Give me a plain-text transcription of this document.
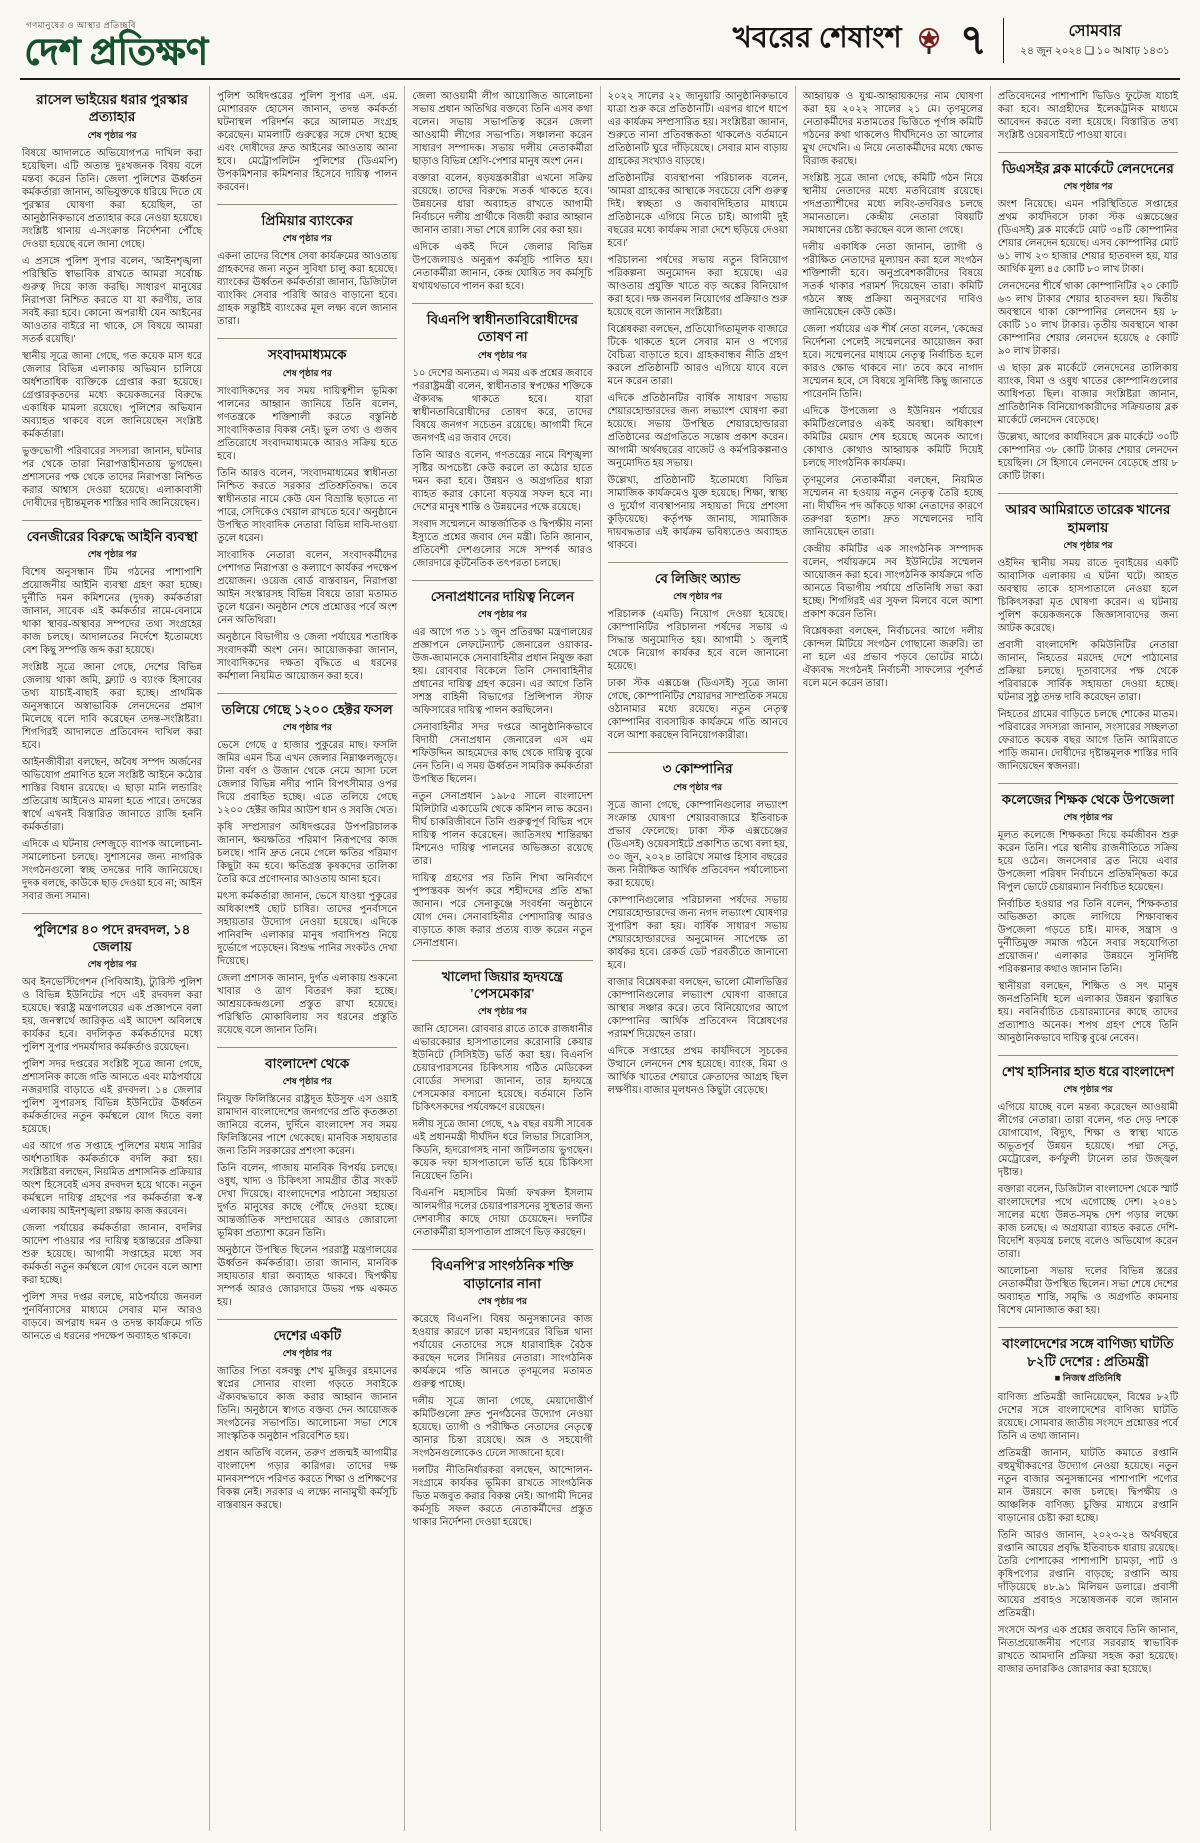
গণমানুষের ও আস্থার প্রতিচ্ছবি
দেশ প্রতিক্ষণ	খবরের শেষাংশ ৭	সোমবার
২৪ জুন ২০২৪ ❑ ১০ আষাঢ় ১৪৩১
রাসেল ভাইয়ের ধরার পুরস্কার প্রত্যাহার
শেষ পৃষ্ঠার পর

বিষয়ে আদালতে অভিযোগপত্র দাখিল করা হয়েছিল। এটি অত্যন্ত দুঃখজনক বিষয় বলে মন্তব্য করেন তিনি। জেলা পুলিশের ঊর্ধ্বতন কর্মকর্তারা জানান, অভিযুক্তকে ধরিয়ে দিতে যে পুরস্কার ঘোষণা করা হয়েছিল, তা আনুষ্ঠানিকভাবে প্রত্যাহার করে নেওয়া হয়েছে। সংশ্লিষ্ট থানায় এ-সংক্রান্ত নির্দেশনা পৌঁছে দেওয়া হয়েছে বলে জানা গেছে।

এ প্রসঙ্গে পুলিশ সুপার বলেন, 'আইনশৃঙ্খলা পরিস্থিতি স্বাভাবিক রাখতে আমরা সর্বোচ্চ গুরুত্ব দিয়ে কাজ করছি। সাধারণ মানুষের নিরাপত্তা নিশ্চিত করতে যা যা করণীয়, তার সবই করা হবে। কোনো অপরাধী যেন আইনের আওতার বাইরে না থাকে, সে বিষয়ে আমরা সতর্ক রয়েছি।'

স্থানীয় সূত্রে জানা গেছে, গত কয়েক মাস ধরে জেলার বিভিন্ন এলাকায় অভিযান চালিয়ে অর্ধশতাধিক ব্যক্তিকে গ্রেপ্তার করা হয়েছে। গ্রেপ্তারকৃতদের মধ্যে কয়েকজনের বিরুদ্ধে একাধিক মামলা রয়েছে। পুলিশের অভিযান অব্যাহত থাকবে বলে জানিয়েছেন সংশ্লিষ্ট কর্মকর্তারা।

ভুক্তভোগী পরিবারের সদস্যরা জানান, ঘটনার পর থেকে তারা নিরাপত্তাহীনতায় ভুগছেন। প্রশাসনের পক্ষ থেকে তাদের নিরাপত্তা নিশ্চিত করার আশ্বাস দেওয়া হয়েছে। এলাকাবাসী দোষীদের দৃষ্টান্তমূলক শাস্তির দাবি জানিয়েছেন।

বেনজীরের বিরুদ্ধে আইনি ব্যবস্থা
শেষ পৃষ্ঠার পর

বিশেষ অনুসন্ধান টিম গঠনের পাশাপাশি প্রয়োজনীয় আইনি ব্যবস্থা গ্রহণ করা হচ্ছে। দুর্নীতি দমন কমিশনের (দুদক) কর্মকর্তারা জানান, সাবেক এই কর্মকর্তার নামে-বেনামে থাকা স্থাবর-অস্থাবর সম্পদের তথ্য সংগ্রহের কাজ চলছে। আদালতের নির্দেশে ইতোমধ্যে বেশ কিছু সম্পত্তি জব্দ করা হয়েছে।

সংশ্লিষ্ট সূত্রে জানা গেছে, দেশের বিভিন্ন জেলায় থাকা জমি, ফ্ল্যাট ও ব্যাংক হিসাবের তথ্য যাচাই-বাছাই করা হচ্ছে। প্রাথমিক অনুসন্ধানে অস্বাভাবিক লেনদেনের প্রমাণ মিলেছে বলে দাবি করেছেন তদন্ত-সংশ্লিষ্টরা। শিগগিরই আদালতে প্রতিবেদন দাখিল করা হবে।

আইনজীবীরা বলছেন, অবৈধ সম্পদ অর্জনের অভিযোগ প্রমাণিত হলে সংশ্লিষ্ট আইনে কঠোর শাস্তির বিধান রয়েছে। এ ছাড়া মানি লন্ডারিং প্রতিরোধ আইনেও মামলা হতে পারে। তদন্তের স্বার্থে এখনই বিস্তারিত জানাতে রাজি হননি কর্মকর্তারা।

এদিকে এ ঘটনায় দেশজুড়ে ব্যাপক আলোচনা-সমালোচনা চলছে। সুশাসনের জন্য নাগরিক সংগঠনগুলো স্বচ্ছ তদন্তের দাবি জানিয়েছে। দুদক বলছে, কাউকে ছাড় দেওয়া হবে না; আইন সবার জন্য সমান।

পুলিশের ৪০ পদে রদবদল, ১৪ জেলায়
শেষ পৃষ্ঠার পর

অব ইনভেস্টিগেশন (পিবিআই), ট্যুরিস্ট পুলিশ ও বিভিন্ন ইউনিটের পদে এই রদবদল করা হয়েছে। স্বরাষ্ট্র মন্ত্রণালয়ের এক প্রজ্ঞাপনে বলা হয়, জনস্বার্থে জারিকৃত এই আদেশ অবিলম্বে কার্যকর হবে। বদলিকৃত কর্মকর্তাদের মধ্যে পুলিশ সুপার পদমর্যাদার কর্মকর্তাও রয়েছেন।

পুলিশ সদর দপ্তরের সংশ্লিষ্ট সূত্রে জানা গেছে, প্রশাসনিক কাজে গতি আনতে এবং মাঠপর্যায়ে নজরদারি বাড়াতে এই রদবদল। ১৪ জেলার পুলিশ সুপারসহ বিভিন্ন ইউনিটের ঊর্ধ্বতন কর্মকর্তাদের নতুন কর্মস্থলে যোগ দিতে বলা হয়েছে।

এর আগে গত সপ্তাহে পুলিশের মধ্যম সারির অর্ধশতাধিক কর্মকর্তাকে বদলি করা হয়। সংশ্লিষ্টরা বলছেন, নিয়মিত প্রশাসনিক প্রক্রিয়ার অংশ হিসেবেই এসব রদবদল হয়ে থাকে। নতুন কর্মস্থলে দায়িত্ব গ্রহণের পর কর্মকর্তারা স্ব-স্ব এলাকায় আইনশৃঙ্খলা রক্ষায় কাজ করবেন।

জেলা পর্যায়ের কর্মকর্তারা জানান, বদলির আদেশ পাওয়ার পর দায়িত্ব হস্তান্তরের প্রক্রিয়া শুরু হয়েছে। আগামী সপ্তাহের মধ্যে সব কর্মকর্তা নতুন কর্মস্থলে যোগ দেবেন বলে আশা করা হচ্ছে।

পুলিশ সদর দপ্তর বলছে, মাঠপর্যায়ে জনবল পুনর্বিন্যাসের মাধ্যমে সেবার মান আরও বাড়বে। অপরাধ দমন ও তদন্ত কার্যক্রমে গতি আনতে এ ধরনের পদক্ষেপ অব্যাহত থাকবে।

পুলিশ অধিদপ্তরের পুলিশ সুপার এস. এম. মোশাররফ হোসেন জানান, তদন্ত কর্মকর্তা ঘটনাস্থল পরিদর্শন করে আলামত সংগ্রহ করেছেন। মামলাটি গুরুত্বের সঙ্গে দেখা হচ্ছে এবং দোষীদের দ্রুত আইনের আওতায় আনা হবে। মেট্রোপলিটন পুলিশের (ডিএমপি) উপকমিশনার কমিশনার হিসেবে দায়িত্ব পালন করবেন।

প্রিমিয়ার ব্যাংকের
শেষ পৃষ্ঠার পর

একনা তাদের বিশেষ সেবা কার্যক্রমের আওতায় গ্রাহকদের জন্য নতুন সুবিধা চালু করা হয়েছে। ব্যাংকের ঊর্ধ্বতন কর্মকর্তারা জানান, ডিজিটাল ব্যাংকিং সেবার পরিধি আরও বাড়ানো হবে। গ্রাহক সন্তুষ্টিই ব্যাংকের মূল লক্ষ্য বলে জানান তারা।

সংবাদমাধ্যমকে
শেষ পৃষ্ঠার পর

সাংবাদিকদের সব সময় দায়িত্বশীল ভূমিকা পালনের আহ্বান জানিয়ে তিনি বলেন, গণতন্ত্রকে শক্তিশালী করতে বস্তুনিষ্ঠ সাংবাদিকতার বিকল্প নেই। ভুল তথ্য ও গুজব প্রতিরোধে সংবাদমাধ্যমকে আরও সক্রিয় হতে হবে।

তিনি আরও বলেন, 'সংবাদমাধ্যমের স্বাধীনতা নিশ্চিত করতে সরকার প্রতিশ্রুতিবদ্ধ। তবে স্বাধীনতার নামে কেউ যেন বিভ্রান্তি ছড়াতে না পারে, সেদিকেও খেয়াল রাখতে হবে।' অনুষ্ঠানে উপস্থিত সাংবাদিক নেতারা বিভিন্ন দাবি-দাওয়া তুলে ধরেন।

সাংবাদিক নেতারা বলেন, সংবাদকর্মীদের পেশাগত নিরাপত্তা ও কল্যাণে কার্যকর পদক্ষেপ প্রয়োজন। ওয়েজ বোর্ড বাস্তবায়ন, নিরাপত্তা আইন সংস্কারসহ বিভিন্ন বিষয়ে তারা মতামত তুলে ধরেন। অনুষ্ঠান শেষে প্রশ্নোত্তর পর্বে অংশ নেন অতিথিরা।

অনুষ্ঠানে বিভাগীয় ও জেলা পর্যায়ের শতাধিক সংবাদকর্মী অংশ নেন। আয়োজকরা জানান, সাংবাদিকদের দক্ষতা বৃদ্ধিতে এ ধরনের কর্মশালা নিয়মিত আয়োজন করা হবে।

তলিয়ে গেছে ১২০০ হেক্টর ফসল
শেষ পৃষ্ঠার পর

ভেসে গেছে ৫ হাজার পুকুরের মাছ। ফসলি জমির এমন চিত্র এখন জেলার নিম্নাঞ্চলজুড়ে। টানা বর্ষণ ও উজান থেকে নেমে আসা ঢলে জেলার বিভিন্ন নদীর পানি বিপৎসীমার ওপর দিয়ে প্রবাহিত হচ্ছে। এতে তলিয়ে গেছে ১২০০ হেক্টর জমির আউশ ধান ও সবজি খেত।

কৃষি সম্প্রসারণ অধিদপ্তরের উপপরিচালক জানান, ক্ষয়ক্ষতির পরিমাণ নিরূপণের কাজ চলছে। পানি দ্রুত নেমে গেলে ক্ষতির পরিমাণ কিছুটা কম হবে। ক্ষতিগ্রস্ত কৃষকদের তালিকা তৈরি করে প্রণোদনার আওতায় আনা হবে।

মৎস্য কর্মকর্তারা জানান, ভেসে যাওয়া পুকুরের অধিকাংশই ছোট চাষির। তাদের পুনর্বাসনে সহায়তার উদ্যোগ নেওয়া হয়েছে। এদিকে পানিবন্দি এলাকার মানুষ গবাদিপশু নিয়ে দুর্ভোগে পড়েছেন। বিশুদ্ধ পানির সংকটও দেখা দিয়েছে।

জেলা প্রশাসক জানান, দুর্গত এলাকায় শুকনো খাবার ও ত্রাণ বিতরণ করা হচ্ছে। আশ্রয়কেন্দ্রগুলো প্রস্তুত রাখা হয়েছে। পরিস্থিতি মোকাবিলায় সব ধরনের প্রস্তুতি রয়েছে বলে জানান তিনি।

বাংলাদেশ থেকে
শেষ পৃষ্ঠার পর

নিযুক্ত ফিলিস্তিনের রাষ্ট্রদূত ইউসুফ এস ওয়াই রামাদান বাংলাদেশের জনগণের প্রতি কৃতজ্ঞতা জানিয়ে বলেন, দুর্দিনে বাংলাদেশ সব সময় ফিলিস্তিনের পাশে থেকেছে। মানবিক সহায়তার জন্য তিনি সরকারের প্রশংসা করেন।

তিনি বলেন, গাজায় মানবিক বিপর্যয় চলছে। ওষুধ, খাদ্য ও চিকিৎসা সামগ্রীর তীব্র সংকট দেখা দিয়েছে। বাংলাদেশের পাঠানো সহায়তা দুর্গত মানুষের কাছে পৌঁছে দেওয়া হচ্ছে। আন্তর্জাতিক সম্প্রদায়ের আরও জোরালো ভূমিকা প্রত্যাশা করেন তিনি।

অনুষ্ঠানে উপস্থিত ছিলেন পররাষ্ট্র মন্ত্রণালয়ের ঊর্ধ্বতন কর্মকর্তারা। তারা জানান, মানবিক সহায়তার ধারা অব্যাহত থাকবে। দ্বিপক্ষীয় সম্পর্ক আরও জোরদারে উভয় পক্ষ একমত হয়।

দেশের একটি
শেষ পৃষ্ঠার পর

জাতির পিতা বঙ্গবন্ধু শেখ মুজিবুর রহমানের স্বপ্নের সোনার বাংলা গড়তে সবাইকে ঐক্যবদ্ধভাবে কাজ করার আহ্বান জানান তিনি। অনুষ্ঠানে স্বাগত বক্তব্য দেন আয়োজক সংগঠনের সভাপতি। আলোচনা সভা শেষে সাংস্কৃতিক অনুষ্ঠান পরিবেশিত হয়।

প্রধান অতিথি বলেন, তরুণ প্রজন্মই আগামীর বাংলাদেশ গড়ার কারিগর। তাদের দক্ষ মানবসম্পদে পরিণত করতে শিক্ষা ও প্রশিক্ষণের বিকল্প নেই। সরকার এ লক্ষ্যে নানামুখী কর্মসূচি বাস্তবায়ন করছে।

জেলা আওয়ামী লীগ আয়োজিত আলোচনা সভায় প্রধান অতিথির বক্তব্যে তিনি এসব কথা বলেন। সভায় সভাপতিত্ব করেন জেলা আওয়ামী লীগের সভাপতি। সঞ্চালনা করেন সাধারণ সম্পাদক। সভায় দলীয় নেতাকর্মীরা ছাড়াও বিভিন্ন শ্রেণি-পেশার মানুষ অংশ নেন।

বক্তারা বলেন, ষড়যন্ত্রকারীরা এখনো সক্রিয় রয়েছে। তাদের বিরুদ্ধে সতর্ক থাকতে হবে। উন্নয়নের ধারা অব্যাহত রাখতে আগামী নির্বাচনে দলীয় প্রার্থীকে বিজয়ী করার আহ্বান জানান তারা। সভা শেষে র‍্যালি বের করা হয়।

এদিকে একই দিনে জেলার বিভিন্ন উপজেলায়ও অনুরূপ কর্মসূচি পালিত হয়। নেতাকর্মীরা জানান, কেন্দ্র ঘোষিত সব কর্মসূচি যথাযথভাবে পালন করা হবে।

বিএনপি স্বাধীনতাবিরোধীদের তোষণ না
শেষ পৃষ্ঠার পর

১০ দেশের অন্যতম। এ সময় এক প্রশ্নের জবাবে পররাষ্ট্রমন্ত্রী বলেন, স্বাধীনতার স্বপক্ষের শক্তিকে ঐক্যবদ্ধ থাকতে হবে। যারা স্বাধীনতাবিরোধীদের তোষণ করে, তাদের বিষয়ে জনগণ সচেতন রয়েছে। আগামী দিনে জনগণই এর জবাব দেবে।

তিনি আরও বলেন, গণতন্ত্রের নামে বিশৃঙ্খলা সৃষ্টির অপচেষ্টা কেউ করলে তা কঠোর হাতে দমন করা হবে। উন্নয়ন ও অগ্রগতির ধারা ব্যাহত করার কোনো ষড়যন্ত্র সফল হবে না। দেশের মানুষ শান্তি ও উন্নয়নের পক্ষে রয়েছে।

সংবাদ সম্মেলনে আন্তর্জাতিক ও দ্বিপক্ষীয় নানা ইস্যুতে প্রশ্নের জবাব দেন মন্ত্রী। তিনি জানান, প্রতিবেশী দেশগুলোর সঙ্গে সম্পর্ক আরও জোরদারে কূটনৈতিক তৎপরতা চলছে।

সেনাপ্রধানের দায়িত্ব নিলেন
শেষ পৃষ্ঠার পর

এর আগে গত ১১ জুন প্রতিরক্ষা মন্ত্রণালয়ের প্রজ্ঞাপনে লেফটেন্যান্ট জেনারেল ওয়াকার-উজ-জামানকে সেনাবাহিনীর প্রধান নিযুক্ত করা হয়। রোববার বিকেলে তিনি সেনাবাহিনীর প্রধানের দায়িত্ব গ্রহণ করেন। এর আগে তিনি সশস্ত্র বাহিনী বিভাগের প্রিন্সিপাল স্টাফ অফিসারের দায়িত্ব পালন করছিলেন।

সেনাবাহিনীর সদর দপ্তরে আনুষ্ঠানিকভাবে বিদায়ী সেনাপ্রধান জেনারেল এস এম শফিউদ্দিন আহমেদের কাছ থেকে দায়িত্ব বুঝে নেন তিনি। এ সময় ঊর্ধ্বতন সামরিক কর্মকর্তারা উপস্থিত ছিলেন।

নতুন সেনাপ্রধান ১৯৮৫ সালে বাংলাদেশ মিলিটারি একাডেমি থেকে কমিশন লাভ করেন। দীর্ঘ চাকরিজীবনে তিনি গুরুত্বপূর্ণ বিভিন্ন পদে দায়িত্ব পালন করেছেন। জাতিসংঘ শান্তিরক্ষা মিশনেও দায়িত্ব পালনের অভিজ্ঞতা রয়েছে তার।

দায়িত্ব গ্রহণের পর তিনি শিখা অনির্বাণে পুষ্পস্তবক অর্পণ করে শহীদদের প্রতি শ্রদ্ধা জানান। পরে সেনাকুঞ্জে সংবর্ধনা অনুষ্ঠানে যোগ দেন। সেনাবাহিনীর পেশাদারিত্ব আরও বাড়াতে কাজ করার প্রত্যয় ব্যক্ত করেন নতুন সেনাপ্রধান।

খালেদা জিয়ার হৃদযন্ত্রে 'পেসমেকার'
শেষ পৃষ্ঠার পর

জানি হোসেন। রোববার রাতে তাকে রাজধানীর এভারকেয়ার হাসপাতালের করোনারি কেয়ার ইউনিটে (সিসিইউ) ভর্তি করা হয়। বিএনপি চেয়ারপারসনের চিকিৎসায় গঠিত মেডিকেল বোর্ডের সদস্যরা জানান, তার হৃদযন্ত্রে পেসমেকার বসানো হয়েছে। বর্তমানে তিনি চিকিৎসকদের পর্যবেক্ষণে রয়েছেন।

দলীয় সূত্রে জানা গেছে, ৭৯ বছর বয়সী সাবেক এই প্রধানমন্ত্রী দীর্ঘদিন ধরে লিভার সিরোসিস, কিডনি, হৃদরোগসহ নানা জটিলতায় ভুগছেন। কয়েক দফা হাসপাতালে ভর্তি হয়ে চিকিৎসা নিয়েছেন তিনি।

বিএনপি মহাসচিব মির্জা ফখরুল ইসলাম আলমগীর দলের চেয়ারপারসনের সুস্থতার জন্য দেশবাসীর কাছে দোয়া চেয়েছেন। দলটির নেতাকর্মীরা হাসপাতাল প্রাঙ্গণে ভিড় করছেন।

বিএনপি'র সাংগঠনিক শক্তি বাড়ানোর নানা
শেষ পৃষ্ঠার পর

করেছে বিএনপি। বিষয় অনুসন্ধানের কাজ হওয়ার কারণে ঢাকা মহানগরের বিভিন্ন থানা পর্যায়ের নেতাদের সঙ্গে ধারাবাহিক বৈঠক করছেন দলের সিনিয়র নেতারা। সাংগঠনিক কার্যক্রমে গতি আনতে তৃণমূলের মতামত গুরুত্ব পাচ্ছে।

দলীয় সূত্রে জানা গেছে, মেয়াদোত্তীর্ণ কমিটিগুলো দ্রুত পুনর্গঠনের উদ্যোগ নেওয়া হয়েছে। ত্যাগী ও পরীক্ষিত নেতাদের নেতৃত্বে আনার চিন্তা রয়েছে। অঙ্গ ও সহযোগী সংগঠনগুলোকেও ঢেলে সাজানো হবে।

দলটির নীতিনির্ধারকরা বলছেন, আন্দোলন-সংগ্রামে কার্যকর ভূমিকা রাখতে সাংগঠনিক ভিত মজবুত করার বিকল্প নেই। আগামী দিনের কর্মসূচি সফল করতে নেতাকর্মীদের প্রস্তুত থাকার নির্দেশনা দেওয়া হয়েছে।

২০২২ সালের ২২ জানুয়ারি আনুষ্ঠানিকভাবে যাত্রা শুরু করে প্রতিষ্ঠানটি। এরপর ধাপে ধাপে এর কার্যক্রম সম্প্রসারিত হয়। সংশ্লিষ্টরা জানান, শুরুতে নানা প্রতিবন্ধকতা থাকলেও বর্তমানে প্রতিষ্ঠানটি ঘুরে দাঁড়িয়েছে। সেবার মান বাড়ায় গ্রাহকের সংখ্যাও বাড়ছে।

প্রতিষ্ঠানটির ব্যবস্থাপনা পরিচালক বলেন, 'আমরা গ্রাহকের আস্থাকে সবচেয়ে বেশি গুরুত্ব দিই। স্বচ্ছতা ও জবাবদিহিতার মাধ্যমে প্রতিষ্ঠানকে এগিয়ে নিতে চাই। আগামী দুই বছরের মধ্যে কার্যক্রম সারা দেশে ছড়িয়ে দেওয়া হবে।'

পরিচালনা পর্ষদের সভায় নতুন বিনিয়োগ পরিকল্পনা অনুমোদন করা হয়েছে। এর আওতায় প্রযুক্তি খাতে বড় অঙ্কের বিনিয়োগ করা হবে। দক্ষ জনবল নিয়োগের প্রক্রিয়াও শুরু হয়েছে বলে জানান সংশ্লিষ্টরা।

বিশ্লেষকরা বলছেন, প্রতিযোগিতামূলক বাজারে টিকে থাকতে হলে সেবার মান ও পণ্যের বৈচিত্র্য বাড়াতে হবে। গ্রাহকবান্ধব নীতি গ্রহণ করলে প্রতিষ্ঠানটি আরও এগিয়ে যাবে বলে মনে করেন তারা।

এদিকে প্রতিষ্ঠানটির বার্ষিক সাধারণ সভায় শেয়ারহোল্ডারদের জন্য লভ্যাংশ ঘোষণা করা হয়েছে। সভায় উপস্থিত শেয়ারহোল্ডাররা প্রতিষ্ঠানের অগ্রগতিতে সন্তোষ প্রকাশ করেন। আগামী অর্থবছরের বাজেট ও কর্মপরিকল্পনাও অনুমোদিত হয় সভায়।

উল্লেখ্য, প্রতিষ্ঠানটি ইতোমধ্যে বিভিন্ন সামাজিক কার্যক্রমেও যুক্ত হয়েছে। শিক্ষা, স্বাস্থ্য ও দুর্যোগ ব্যবস্থাপনায় সহায়তা দিয়ে প্রশংসা কুড়িয়েছে। কর্তৃপক্ষ জানায়, সামাজিক দায়বদ্ধতার এই কার্যক্রম ভবিষ্যতেও অব্যাহত থাকবে।

বে লিজিং অ্যান্ড
শেষ পৃষ্ঠার পর

পরিচালক (এমডি) নিয়োগ দেওয়া হয়েছে। কোম্পানিটির পরিচালনা পর্ষদের সভায় এ সিদ্ধান্ত অনুমোদিত হয়। আগামী ১ জুলাই থেকে নিয়োগ কার্যকর হবে বলে জানানো হয়েছে।

ঢাকা স্টক এক্সচেঞ্জ (ডিএসই) সূত্রে জানা গেছে, কোম্পানিটির শেয়ারদর সাম্প্রতিক সময়ে ওঠানামার মধ্যে রয়েছে। নতুন নেতৃত্ব কোম্পানির ব্যবসায়িক কার্যক্রমে গতি আনবে বলে আশা করছেন বিনিয়োগকারীরা।

৩ কোম্পানির
শেষ পৃষ্ঠার পর

সূত্রে জানা গেছে, কোম্পানিগুলোর লভ্যাংশ সংক্রান্ত ঘোষণা শেয়ারবাজারে ইতিবাচক প্রভাব ফেলেছে। ঢাকা স্টক এক্সচেঞ্জের (ডিএসই) ওয়েবসাইটে প্রকাশিত তথ্যে বলা হয়, ৩০ জুন, ২০২৪ তারিখে সমাপ্ত হিসাব বছরের জন্য নিরীক্ষিত আর্থিক প্রতিবেদন পর্যালোচনা করা হয়েছে।

কোম্পানিগুলোর পরিচালনা পর্ষদের সভায় শেয়ারহোল্ডারদের জন্য নগদ লভ্যাংশ ঘোষণার সুপারিশ করা হয়। বার্ষিক সাধারণ সভায় শেয়ারহোল্ডারদের অনুমোদন সাপেক্ষে তা কার্যকর হবে। রেকর্ড ডেট পরবর্তীতে জানানো হবে।

বাজার বিশ্লেষকরা বলছেন, ভালো মৌলভিত্তির কোম্পানিগুলোর লভ্যাংশ ঘোষণা বাজারে আস্থার সঞ্চার করে। তবে বিনিয়োগের আগে কোম্পানির আর্থিক প্রতিবেদন বিশ্লেষণের পরামর্শ দিয়েছেন তারা।

এদিকে সপ্তাহের প্রথম কার্যদিবসে সূচকের উত্থানে লেনদেন শেষ হয়েছে। ব্যাংক, বিমা ও আর্থিক খাতের শেয়ারে ক্রেতাদের আগ্রহ ছিল লক্ষণীয়। বাজার মূলধনও কিছুটা বেড়েছে।

আহ্বায়ক ও যুগ্ম-আহ্বায়কদের নাম ঘোষণা করা হয় ২০২২ সালের ২১ মে। তৃণমূলের নেতাকর্মীদের মতামতের ভিত্তিতে পূর্ণাঙ্গ কমিটি গঠনের কথা থাকলেও দীর্ঘদিনেও তা আলোর মুখ দেখেনি। এ নিয়ে নেতাকর্মীদের মধ্যে ক্ষোভ বিরাজ করছে।

সংশ্লিষ্ট সূত্রে জানা গেছে, কমিটি গঠন নিয়ে স্থানীয় নেতাদের মধ্যে মতবিরোধ রয়েছে। পদপ্রত্যাশীদের মধ্যে লবিং-তদবিরও চলছে সমানতালে। কেন্দ্রীয় নেতারা বিষয়টি সমাধানের চেষ্টা করছেন বলে জানা গেছে।

দলীয় একাধিক নেতা জানান, ত্যাগী ও পরীক্ষিত নেতাদের মূল্যায়ন করা হলে সংগঠন শক্তিশালী হবে। অনুপ্রবেশকারীদের বিষয়ে সতর্ক থাকার পরামর্শ দিয়েছেন তারা। কমিটি গঠনে স্বচ্ছ প্রক্রিয়া অনুসরণের দাবিও জানিয়েছেন কেউ কেউ।

জেলা পর্যায়ের এক শীর্ষ নেতা বলেন, 'কেন্দ্রের নির্দেশনা পেলেই সম্মেলনের আয়োজন করা হবে। সম্মেলনের মাধ্যমে নেতৃত্ব নির্বাচিত হলে কারও ক্ষোভ থাকবে না।' তবে কবে নাগাদ সম্মেলন হবে, সে বিষয়ে সুনির্দিষ্ট কিছু জানাতে পারেননি তিনি।

এদিকে উপজেলা ও ইউনিয়ন পর্যায়ের কমিটিগুলোরও একই অবস্থা। অধিকাংশ কমিটির মেয়াদ শেষ হয়েছে অনেক আগে। কোথাও কোথাও আহ্বায়ক কমিটি দিয়েই চলছে সাংগঠনিক কার্যক্রম।

তৃণমূলের নেতাকর্মীরা বলছেন, নিয়মিত সম্মেলন না হওয়ায় নতুন নেতৃত্ব তৈরি হচ্ছে না। দীর্ঘদিন পদ আঁকড়ে থাকা নেতাদের কারণে তরুণরা হতাশ। দ্রুত সম্মেলনের দাবি জানিয়েছেন তারা।

কেন্দ্রীয় কমিটির এক সাংগঠনিক সম্পাদক বলেন, পর্যায়ক্রমে সব ইউনিটের সম্মেলন আয়োজন করা হবে। সাংগঠনিক কার্যক্রমে গতি আনতে বিভাগীয় পর্যায়ে প্রতিনিধি সভা করা হচ্ছে। শিগগিরই এর সুফল মিলবে বলে আশা প্রকাশ করেন তিনি।

বিশ্লেষকরা বলছেন, নির্বাচনের আগে দলীয় কোন্দল মিটিয়ে সংগঠন গোছানো জরুরি। তা না হলে এর প্রভাব পড়বে ভোটের মাঠে। ঐক্যবদ্ধ সংগঠনই নির্বাচনী সাফল্যের পূর্বশর্ত বলে মনে করেন তারা।

প্রতিবেদনের পাশাপাশি ভিডিও ফুটেজ যাচাই করা হবে। আগ্রহীদের ইলেকট্রনিক মাধ্যমে আবেদন করতে বলা হয়েছে। বিস্তারিত তথ্য সংশ্লিষ্ট ওয়েবসাইটে পাওয়া যাবে।

ডিএসইর ব্লক মার্কেটে লেনদেনের
শেষ পৃষ্ঠার পর

অংশ নিয়েছে। এমন পরিস্থিতিতে সপ্তাহের প্রথম কার্যদিবসে ঢাকা স্টক এক্সচেঞ্জের (ডিএসই) ব্লক মার্কেটে মোট ৩৪টি কোম্পানির শেয়ার লেনদেন হয়েছে। এসব কোম্পানির মোট ৬১ লাখ ২৩ হাজার শেয়ার হাতবদল হয়, যার আর্থিক মূল্য ৪৫ কোটি ৮০ লাখ টাকা।

লেনদেনের শীর্ষে থাকা কোম্পানিটির ২০ কোটি ৬৩ লাখ টাকার শেয়ার হাতবদল হয়। দ্বিতীয় অবস্থানে থাকা কোম্পানির লেনদেন হয় ৮ কোটি ১০ লাখ টাকার। তৃতীয় অবস্থানে থাকা কোম্পানির শেয়ার লেনদেন হয়েছে ৫ কোটি ৯০ লাখ টাকার।

এ ছাড়া ব্লক মার্কেটে লেনদেনের তালিকায় ব্যাংক, বিমা ও ওষুধ খাতের কোম্পানিগুলোর আধিপত্য ছিল। বাজার সংশ্লিষ্টরা জানান, প্রাতিষ্ঠানিক বিনিয়োগকারীদের সক্রিয়তায় ব্লক মার্কেটে লেনদেন বেড়েছে।

উল্লেখ্য, আগের কার্যদিবসে ব্লক মার্কেটে ৩০টি কোম্পানির ৩৮ কোটি টাকার শেয়ার লেনদেন হয়েছিল। সে হিসাবে লেনদেন বেড়েছে প্রায় ৮ কোটি টাকা।

আরব আমিরাতে তারেক খানের হামলায়
শেষ পৃষ্ঠার পর

ওইদিন স্থানীয় সময় রাতে দুবাইয়ের একটি আবাসিক এলাকায় এ ঘটনা ঘটে। আহত অবস্থায় তাকে হাসপাতালে নেওয়া হলে চিকিৎসকরা মৃত ঘোষণা করেন। এ ঘটনায় পুলিশ কয়েকজনকে জিজ্ঞাসাবাদের জন্য আটক করেছে।

প্রবাসী বাংলাদেশি কমিউনিটির নেতারা জানান, নিহতের মরদেহ দেশে পাঠানোর প্রক্রিয়া চলছে। দূতাবাসের পক্ষ থেকে পরিবারকে সার্বিক সহায়তা দেওয়া হচ্ছে। ঘটনার সুষ্ঠু তদন্ত দাবি করেছেন তারা।

নিহতের গ্রামের বাড়িতে চলছে শোকের মাতম। পরিবারের সদস্যরা জানান, সংসারের সচ্ছলতা ফেরাতে কয়েক বছর আগে তিনি আমিরাতে পাড়ি জমান। দোষীদের দৃষ্টান্তমূলক শাস্তির দাবি জানিয়েছেন স্বজনরা।

কলেজের শিক্ষক থেকে উপজেলা
শেষ পৃষ্ঠার পর

মূলত কলেজে শিক্ষকতা দিয়ে কর্মজীবন শুরু করেন তিনি। পরে স্থানীয় রাজনীতিতে সক্রিয় হয়ে ওঠেন। জনসেবার ব্রত নিয়ে এবার উপজেলা পরিষদ নির্বাচনে প্রতিদ্বন্দ্বিতা করে বিপুল ভোটে চেয়ারম্যান নির্বাচিত হয়েছেন।

নির্বাচিত হওয়ার পর তিনি বলেন, 'শিক্ষকতার অভিজ্ঞতা কাজে লাগিয়ে শিক্ষাবান্ধব উপজেলা গড়তে চাই। মাদক, সন্ত্রাস ও দুর্নীতিমুক্ত সমাজ গঠনে সবার সহযোগিতা প্রয়োজন।' এলাকার উন্নয়নে সুনির্দিষ্ট পরিকল্পনার কথাও জানান তিনি।

স্থানীয়রা বলছেন, শিক্ষিত ও সৎ মানুষ জনপ্রতিনিধি হলে এলাকার উন্নয়ন ত্বরান্বিত হয়। নবনির্বাচিত চেয়ারম্যানের কাছে তাদের প্রত্যাশাও অনেক। শপথ গ্রহণ শেষে তিনি আনুষ্ঠানিকভাবে দায়িত্ব বুঝে নেবেন।

শেখ হাসিনার হাত ধরে বাংলাদেশ
শেষ পৃষ্ঠার পর

এগিয়ে যাচ্ছে বলে মন্তব্য করেছেন আওয়ামী লীগের নেতারা। তারা বলেন, গত দেড় দশকে যোগাযোগ, বিদ্যুৎ, শিক্ষা ও স্বাস্থ্য খাতে অভূতপূর্ব উন্নয়ন হয়েছে। পদ্মা সেতু, মেট্রোরেল, কর্ণফুলী টানেল তার উজ্জ্বল দৃষ্টান্ত।

বক্তারা বলেন, ডিজিটাল বাংলাদেশ থেকে স্মার্ট বাংলাদেশের পথে এগোচ্ছে দেশ। ২০৪১ সালের মধ্যে উন্নত-সমৃদ্ধ দেশ গড়ার লক্ষ্যে কাজ চলছে। এ অগ্রযাত্রা ব্যাহত করতে দেশি-বিদেশি ষড়যন্ত্র চলছে বলেও অভিযোগ করেন তারা।

আলোচনা সভায় দলের বিভিন্ন স্তরের নেতাকর্মীরা উপস্থিত ছিলেন। সভা শেষে দেশের অব্যাহত শান্তি, সমৃদ্ধি ও অগ্রগতি কামনায় বিশেষ মোনাজাত করা হয়।

বাংলাদেশের সঙ্গে বাণিজ্য ঘাটতি ৮২টি দেশের : প্রতিমন্ত্রী
■ নিজস্ব প্রতিনিধি

বাণিজ্য প্রতিমন্ত্রী জানিয়েছেন, বিশ্বের ৮২টি দেশের সঙ্গে বাংলাদেশের বাণিজ্য ঘাটতি রয়েছে। সোমবার জাতীয় সংসদে প্রশ্নোত্তর পর্বে তিনি এ তথ্য জানান।

প্রতিমন্ত্রী জানান, ঘাটতি কমাতে রপ্তানি বহুমুখীকরণের উদ্যোগ নেওয়া হয়েছে। নতুন নতুন বাজার অনুসন্ধানের পাশাপাশি পণ্যের মান উন্নয়নে কাজ চলছে। দ্বিপক্ষীয় ও আঞ্চলিক বাণিজ্য চুক্তির মাধ্যমে রপ্তানি বাড়ানোর চেষ্টা করা হচ্ছে।

তিনি আরও জানান, ২০২৩-২৪ অর্থবছরে রপ্তানি আয়ের প্রবৃদ্ধি ইতিবাচক ধারায় রয়েছে। তৈরি পোশাকের পাশাপাশি চামড়া, পাট ও কৃষিপণ্যের রপ্তানি বাড়ছে; রপ্তানি আয় দাঁড়িয়েছে ৪৮.৯১ মিলিয়ন ডলারে। প্রবাসী আয়ের প্রবাহও সন্তোষজনক বলে জানান প্রতিমন্ত্রী।

সংসদে অপর এক প্রশ্নের জবাবে তিনি জানান, নিত্যপ্রয়োজনীয় পণ্যের সরবরাহ স্বাভাবিক রাখতে আমদানি প্রক্রিয়া সহজ করা হয়েছে। বাজার তদারকিও জোরদার করা হয়েছে।
